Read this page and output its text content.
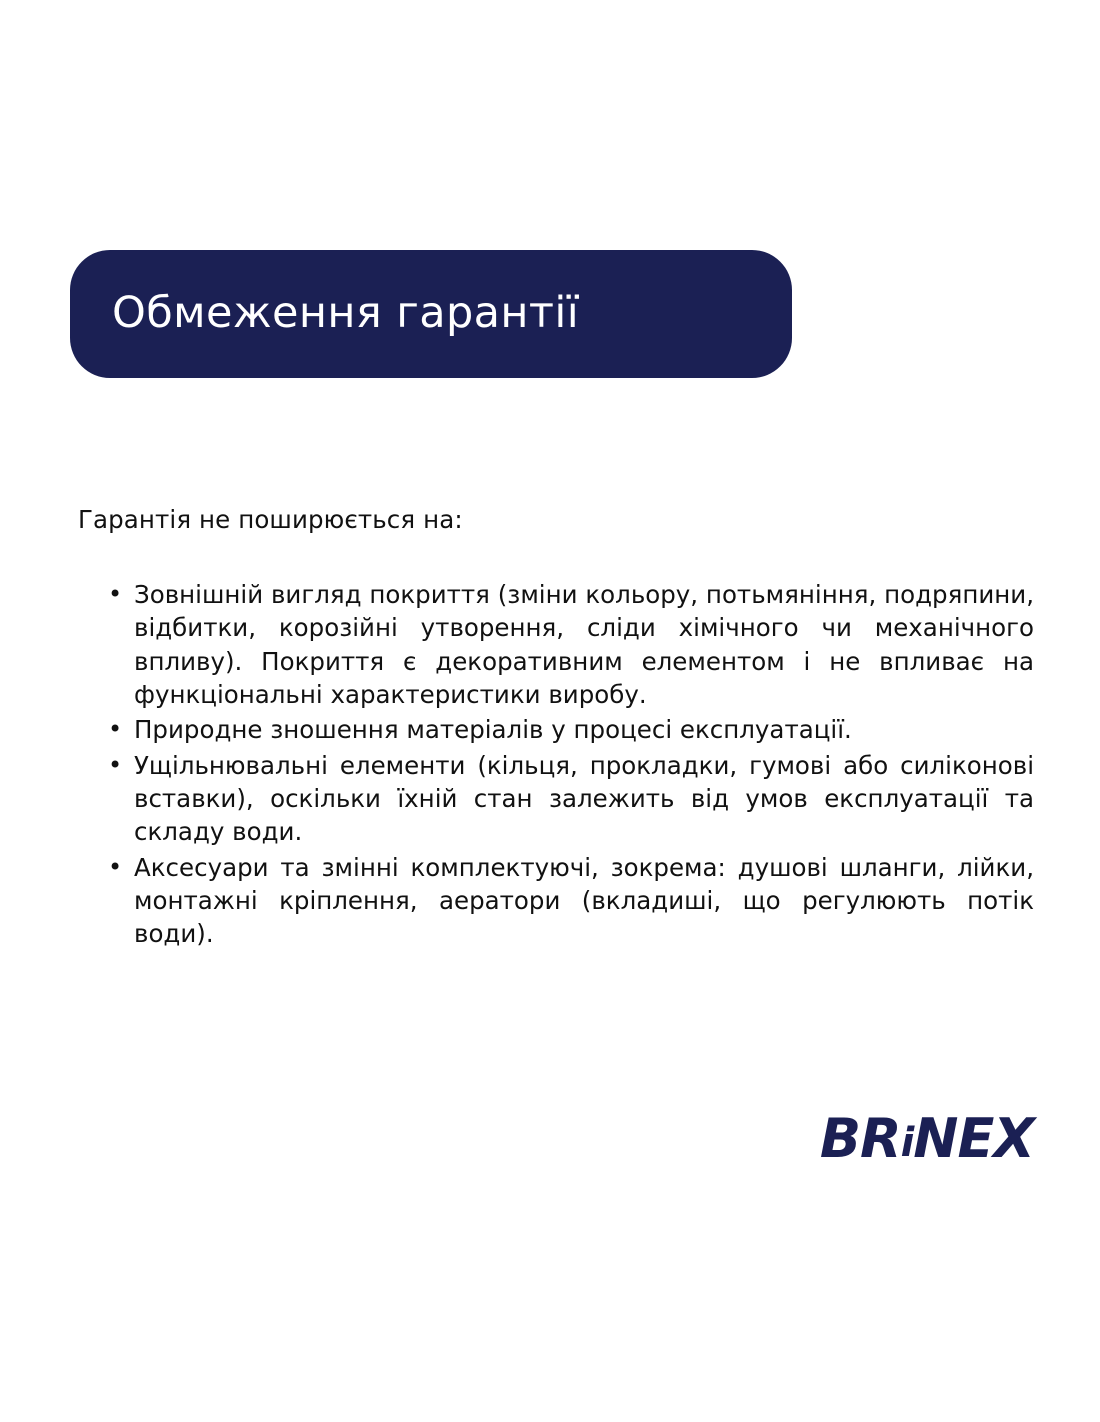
Обмеження гарантії
Гарантія не поширюється на:
• Зовнішній вигляд покриття (зміни кольору, потьмяніння, подряпини, відбитки, корозійні утворення, сліди хімічного чи механічного впливу). Покриття є декоративним елементом і не впливає на функціональні характеристики виробу.
• Природне зношення матеріалів у процесі експлуатації.
• Ущільнювальні елементи (кільця, прокладки, гумові або силіконові вставки), оскільки їхній стан залежить від умов експлуатації та складу води.
• Аксесуари та змінні комплектуючі, зокрема: душові шланги, лійки, монтажні кріплення, аератори (вкладиші, що регулюють потік води).
BR i NEX
